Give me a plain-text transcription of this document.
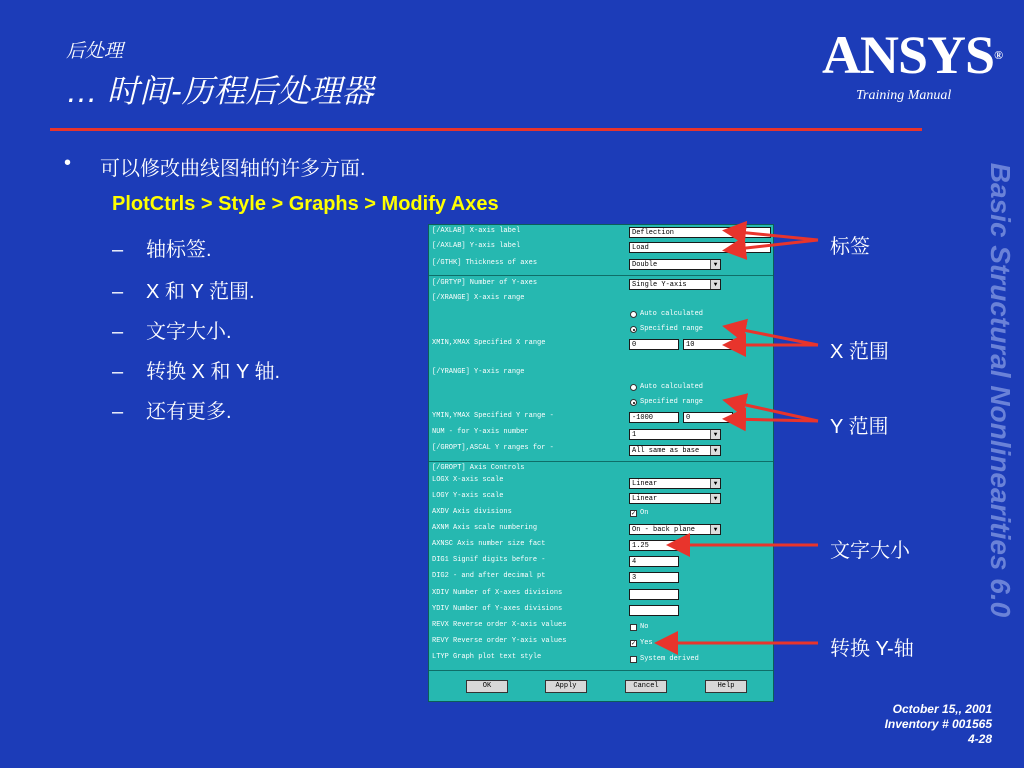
后处理
… 时间-历程后处理器
ANSYS®
Training Manual
Basic Structural Nonlinearities 6.0
• 可以修改曲线图轴的许多方面.
PlotCtrls > Style > Graphs > Modify Axes
– 轴标签.
– X 和 Y 范围.
– 文字大小.
– 转换 X 和 Y 轴.
– 还有更多.
[/AXLAB] X-axis label	Deflection
[/AXLAB] Y-axis label	Load
[/GTHK] Thickness of axes	Double	▼
[/GRTYP] Number of Y-axes	Single Y-axis	▼
[/XRANGE] X-axis range
Auto calculated
Specified range
XMIN,XMAX Specified X range	0	10
[/YRANGE] Y-axis range
Auto calculated
Specified range
YMIN,YMAX Specified Y range -	-1000	0
NUM - for Y-axis number	1	▼
[/GROPT],ASCAL Y ranges for -	All same as base	▼
[/GROPT] Axis Controls
LOGX X-axis scale	Linear	▼
LOGY Y-axis scale	Linear	▼
AXDV Axis divisions	✓ On
AXNM Axis scale numbering	On - back plane	▼
AXNSC Axis number size fact	1.25
DIG1 Signif digits before -	4
DIG2 - and after decimal pt	3
XDIV Number of X-axes divisions
YDIV Number of Y-axes divisions
REVX Reverse order X-axis values	No
REVY Reverse order Y-axis values	✓ Yes
LTYP Graph plot text style	System derived
OK	Apply	Cancel	Help
标签
X 范围
Y 范围
文字大小
转换 Y-轴
October 15,, 2001
Inventory # 001565
4-28
